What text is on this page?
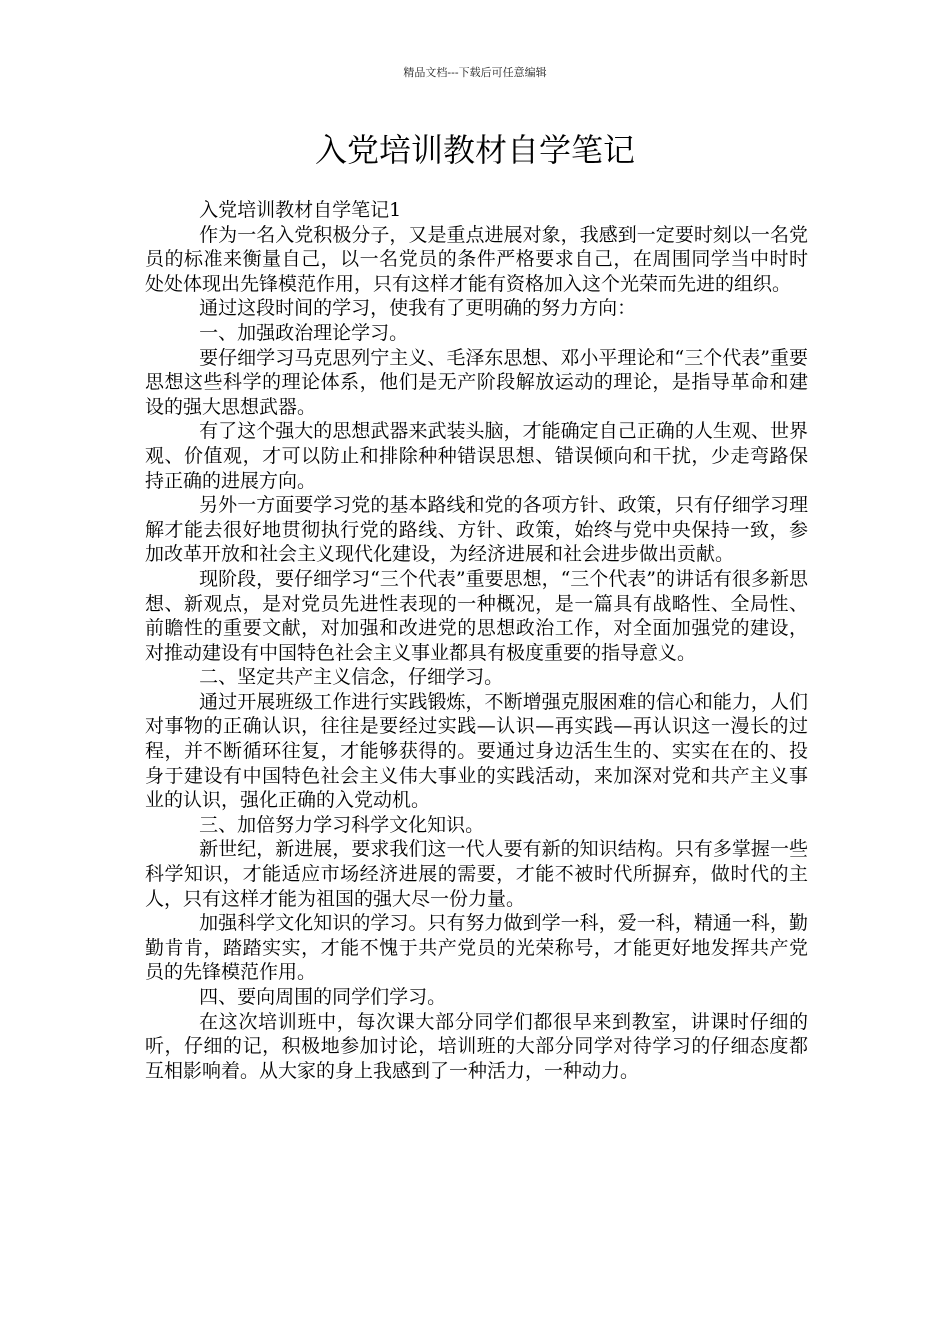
精品文档---下载后可任意编辑
入党培训教材自学笔记

入党培训教材自学笔记1

作为一名入党积极分子，又是重点进展对象，我感到一定要时刻以一名党员的标准来衡量自己，以一名党员的条件严格要求自己，在周围同学当中时时处处体现出先锋模范作用，只有这样才能有资格加入这个光荣而先进的组织。

通过这段时间的学习，使我有了更明确的努力方向：

一、加强政治理论学习。

要仔细学习马克思列宁主义、毛泽东思想、邓小平理论和“三个代表”重要思想这些科学的理论体系，他们是无产阶段解放运动的理论，是指导革命和建设的强大思想武器。

有了这个强大的思想武器来武装头脑，才能确定自己正确的人生观、世界观、价值观，才可以防止和排除种种错误思想、错误倾向和干扰，少走弯路保持正确的进展方向。

另外一方面要学习党的基本路线和党的各项方针、政策，只有仔细学习理解才能去很好地贯彻执行党的路线、方针、政策，始终与党中央保持一致，参加改革开放和社会主义现代化建设，为经济进展和社会进步做出贡献。

现阶段，要仔细学习“三个代表”重要思想，“三个代表”的讲话有很多新思想、新观点，是对党员先进性表现的一种概况，是一篇具有战略性、全局性、前瞻性的重要文献，对加强和改进党的思想政治工作，对全面加强党的建设，对推动建设有中国特色社会主义事业都具有极度重要的指导意义。

二、坚定共产主义信念，仔细学习。

通过开展班级工作进行实践锻炼，不断增强克服困难的信心和能力，人们对事物的正确认识，往往是要经过实践—认识—再实践—再认识这一漫长的过程，并不断循环往复，才能够获得的。要通过身边活生生的、实实在在的、投身于建设有中国特色社会主义伟大事业的实践活动，来加深对党和共产主义事业的认识，强化正确的入党动机。

三、加倍努力学习科学文化知识。

新世纪，新进展，要求我们这一代人要有新的知识结构。只有多掌握一些科学知识，才能适应市场经济进展的需要，才能不被时代所摒弃，做时代的主人，只有这样才能为祖国的强大尽一份力量。

加强科学文化知识的学习。只有努力做到学一科，爱一科，精通一科，勤勤肯肯，踏踏实实，才能不愧于共产党员的光荣称号，才能更好地发挥共产党员的先锋模范作用。

四、要向周围的同学们学习。

在这次培训班中，每次课大部分同学们都很早来到教室，讲课时仔细的听，仔细的记，积极地参加讨论，培训班的大部分同学对待学习的仔细态度都互相影响着。从大家的身上我感到了一种活力，一种动力。
